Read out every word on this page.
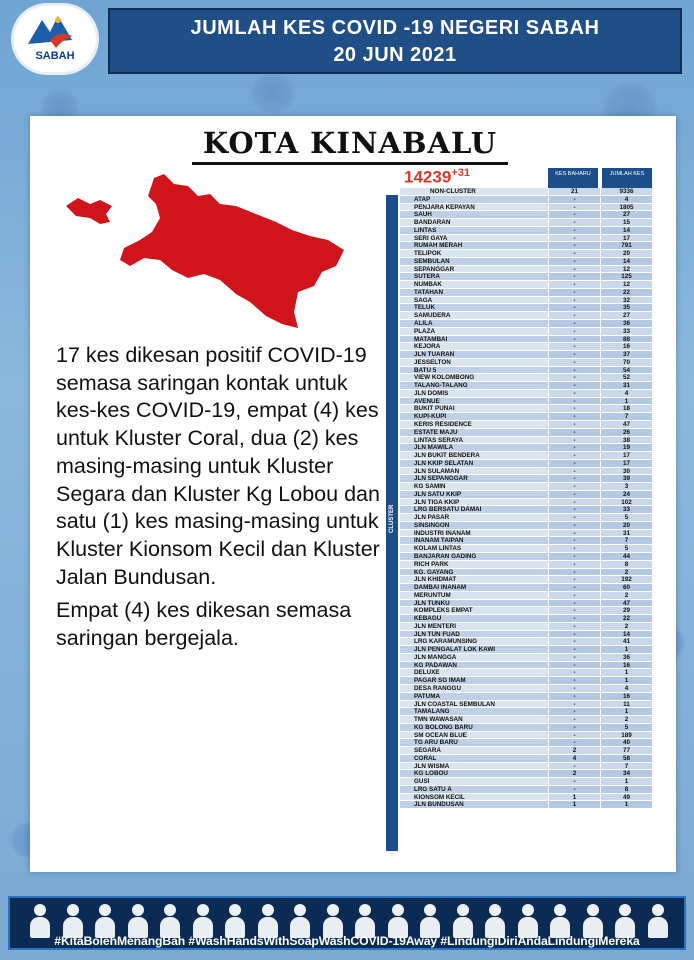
SABAH
JUMLAH KES COVID -19 NEGERI SABAH
20 JUN 2021
KOTA KINABALU

17 kes dikesan positif COVID-19 semasa saringan kontak untuk kes-kes COVID-19, empat (4) kes untuk Kluster Coral, dua (2) kes masing-masing untuk Kluster Segara dan Kluster Kg Lobou dan satu (1) kes masing-masing untuk Kluster Kionsom Kecil dan Kluster Jalan Bundusan.

Empat (4) kes dikesan semasa saringan bergejala.

KES BAHARU	JUMLAH KES
NON-CLUSTER	21	9336
ATAP	-	4
PENJARA KEPAYAN	-	1805
SAUH	-	27
BANDARAN	-	15
LINTAS	-	14
SERI GAYA	-	17
RUMAH MERAH	-	791
TELIPOK	-	20
SEMBULAN	-	14
SEPANGGAR	-	12
SUTERA	-	125
NUMBAK	-	12
TATAHAN	-	22
SAGA	-	32
TELUK	-	35
SAMUDERA	-	27
ALILA	-	36
PLAZA	-	33
MATAMBAI	-	88
KEJORA	-	16
JLN TUARAN	-	37
JESSELTON	-	70
BATU 5	-	54
VIEW KOLOMBONG	-	52
TALANG-TALANG	-	31
JLN DOMIS	-	4
AVENUE	-	1
BUKIT PUNAI	-	18
KUPI-KUPI	-	7
KERIS RESIDENCE	-	47
ESTATE MAJU	-	26
LINTAS SERAYA	-	38
JLN MAWILA	-	19
JLN BUKIT BENDERA	-	17
JLN KKIP SELATAN	-	17
JLN SULAMAN	-	30
JLN SEPANGGAR	-	39
KG SAMIN	-	3
JLN SATU KKIP	-	24
JLN TIGA KKIP	-	102
LRG BERSATU DAMAI	-	33
JLN PASAR	-	5
SINSINGON	-	20
INDUSTRI INANAM	-	31
INANAM TAIPAN	-	7
KOLAM LINTAS	-	5
BANJARAN GADING	-	44
RICH PARK	-	8
KG. GAYANG	-	2
JLN KHIDMAT	-	192
DAMBAI INANAM	-	60
MERUNTUM	-	2
JLN TUNKU	-	47
KOMPLEKS EMPAT	-	29
KEBAGU	-	22
JLN MENTERI	-	2
JLN TUN FUAD	-	14
LRG KARAMUNSING	-	41
JLN PENGALAT LOK KAWI	-	1
JLN MANGGA	-	36
KG PADAWAN	-	16
DELUXE	-	1
PAGAR SG IMAM	-	1
DESA RANGGU	-	4
PATUMA	-	16
JLN COASTAL SEMBULAN	-	11
TAMALANG	-	1
TMN WAWASAN	-	2
KG BOLONG BARU	-	5
SM OCEAN BLUE	-	189
TG ARU BARU	-	40
SEGARA	2	77
CORAL	4	58
JLN WISMA	-	7
KG LOBOU	2	34
GUSI	-	1
LRG SATU A	-	8
KIONSOM KECIL	1	49
JLN BUNDUSAN	1	1
$14239^{+31}$
CLUSTER
#KitaBolehMenangBah #WashHandsWithSoapWashCOVID-19Away #LindungiDiriAndaLindungiMereka
